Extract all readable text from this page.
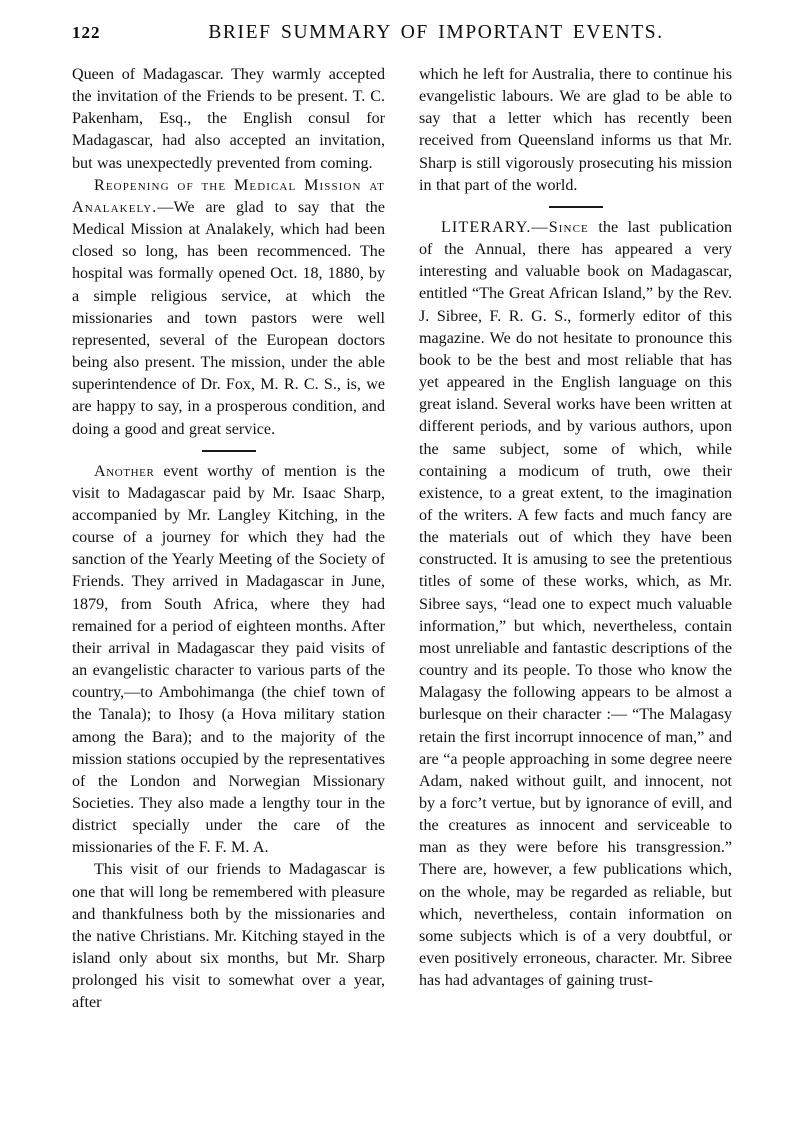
122	BRIEF SUMMARY OF IMPORTANT EVENTS.

Queen of Madagascar. They warmly accepted the invitation of the Friends to be present. T. C. Pakenham, Esq., the English consul for Madagascar, had also accepted an invitation, but was unexpectedly prevented from coming.

Reopening of the Medical Mission at Analakely.—We are glad to say that the Medical Mission at Analakely, which had been closed so long, has been recommenced. The hospital was formally opened Oct. 18, 1880, by a simple religious service, at which the missionaries and town pastors were well represented, several of the European doctors being also present. The mission, under the able superintendence of Dr. Fox, M. R. C. S., is, we are happy to say, in a prosperous condition, and doing a good and great service.

Another event worthy of mention is the visit to Madagascar paid by Mr. Isaac Sharp, accompanied by Mr. Langley Kitching, in the course of a journey for which they had the sanction of the Yearly Meeting of the Society of Friends. They arrived in Madagascar in June, 1879, from South Africa, where they had remained for a period of eighteen months. After their arrival in Madagascar they paid visits of an evangelistic character to various parts of the country,—to Ambohimanga (the chief town of the Tanala); to Ihosy (a Hova military station among the Bara); and to the majority of the mission stations occupied by the representatives of the London and Norwegian Missionary Societies. They also made a lengthy tour in the district specially under the care of the missionaries of the F. F. M. A.

This visit of our friends to Madagascar is one that will long be remembered with pleasure and thankfulness both by the missionaries and the native Christians. Mr. Kitching stayed in the island only about six months, but Mr. Sharp prolonged his visit to somewhat over a year, after

which he left for Australia, there to continue his evangelistic labours. We are glad to be able to say that a letter which has recently been received from Queensland informs us that Mr. Sharp is still vigorously prosecuting his mission in that part of the world.

LITERARY.—Since the last publication of the Annual, there has appeared a very interesting and valuable book on Madagascar, entitled “The Great African Island,” by the Rev. J. Sibree, F. R. G. S., formerly editor of this magazine. We do not hesitate to pronounce this book to be the best and most reliable that has yet appeared in the English language on this great island. Several works have been written at different periods, and by various authors, upon the same subject, some of which, while containing a modicum of truth, owe their existence, to a great extent, to the imagination of the writers. A few facts and much fancy are the materials out of which they have been constructed. It is amusing to see the pretentious titles of some of these works, which, as Mr. Sibree says, “lead one to expect much valuable information,” but which, nevertheless, contain most unreliable and fantastic descriptions of the country and its people. To those who know the Malagasy the following appears to be almost a burlesque on their character :— “The Malagasy retain the first incorrupt innocence of man,” and are “a people approaching in some degree neere Adam, naked without guilt, and innocent, not by a forc’t vertue, but by ignorance of evill, and the creatures as innocent and serviceable to man as they were before his transgression.” There are, however, a few publications which, on the whole, may be regarded as reliable, but which, nevertheless, contain information on some subjects which is of a very doubtful, or even positively erroneous, character. Mr. Sibree has had advantages of gaining trust-
